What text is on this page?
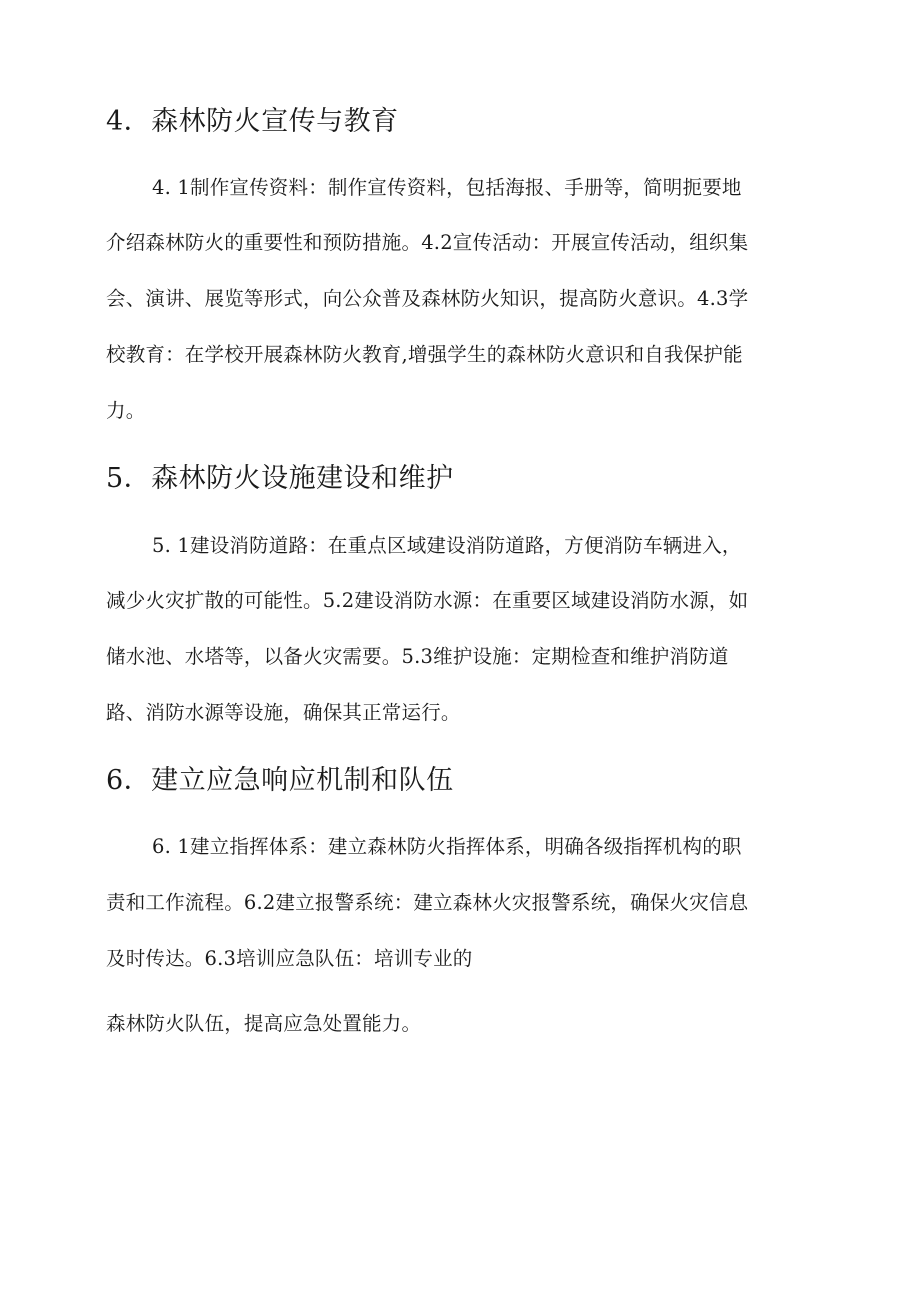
4．森林防火宣传与教育
4. 1制作宣传资料：制作宣传资料，包括海报、手册等，简明扼要地
介绍森林防火的重要性和预防措施。4.2宣传活动：开展宣传活动，组织集
会、演讲、展览等形式，向公众普及森林防火知识，提高防火意识。4.3学
校教育：在学校开展森林防火教育,增强学生的森林防火意识和自我保护能
力。
5．森林防火设施建设和维护
5. 1建设消防道路：在重点区域建设消防道路，方便消防车辆进入，
减少火灾扩散的可能性。5.2建设消防水源：在重要区域建设消防水源，如
储水池、水塔等，以备火灾需要。5.3维护设施：定期检查和维护消防道
路、消防水源等设施，确保其正常运行。
6．建立应急响应机制和队伍
6. 1建立指挥体系：建立森林防火指挥体系，明确各级指挥机构的职
责和工作流程。6.2建立报警系统：建立森林火灾报警系统，确保火灾信息
及时传达。6.3培训应急队伍：培训专业的
森林防火队伍，提高应急处置能力。
